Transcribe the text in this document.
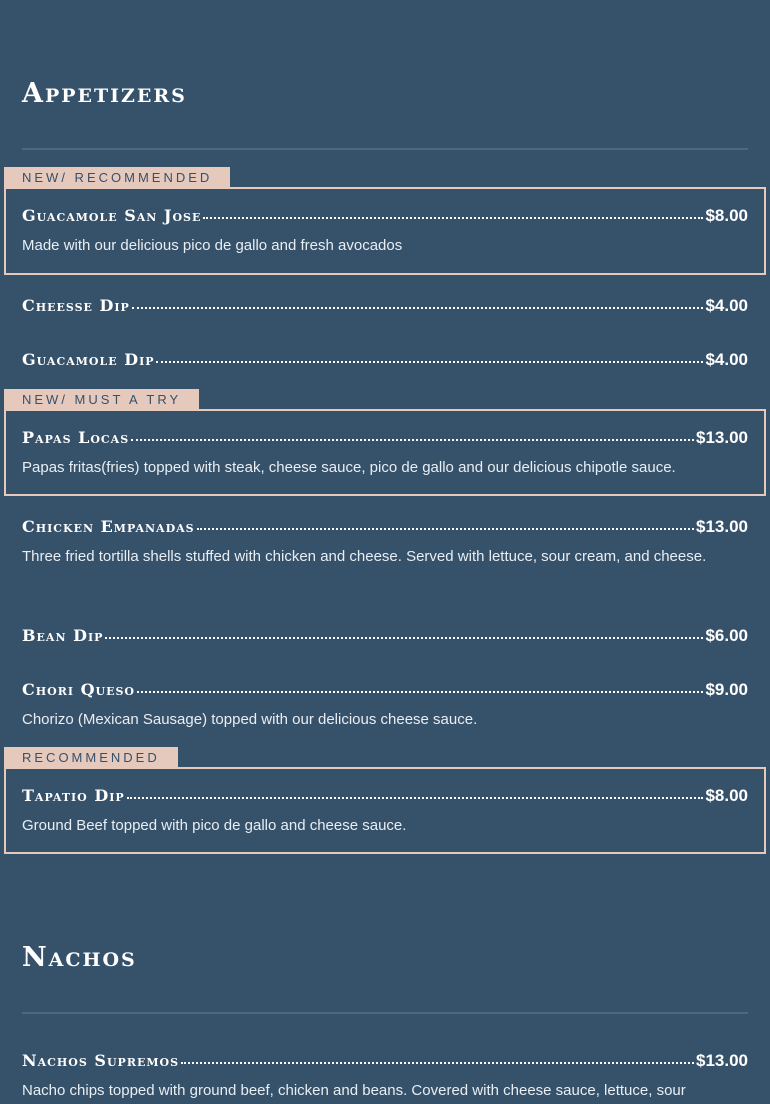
Appetizers
NEW/ RECOMMENDED
Guacamole San Jose	$8.00
Made with our delicious pico de gallo and fresh avocados
Cheesse Dip	$4.00
Guacamole Dip	$4.00
NEW/ MUST A TRY
Papas Locas	$13.00
Papas fritas(fries) topped with steak, cheese sauce, pico de gallo and our delicious chipotle sauce.
Chicken Empanadas	$13.00
Three fried tortilla shells stuffed with chicken and cheese. Served with lettuce, sour cream, and cheese.
Bean Dip	$6.00
Chori Queso	$9.00
Chorizo (Mexican Sausage) topped with our delicious cheese sauce.
RECOMMENDED
Tapatio Dip	$8.00
Ground Beef topped with pico de gallo and cheese sauce.
Nachos
Nachos Supremos	$13.00
Nacho chips topped with ground beef, chicken and beans. Covered with cheese sauce, lettuce, sour
